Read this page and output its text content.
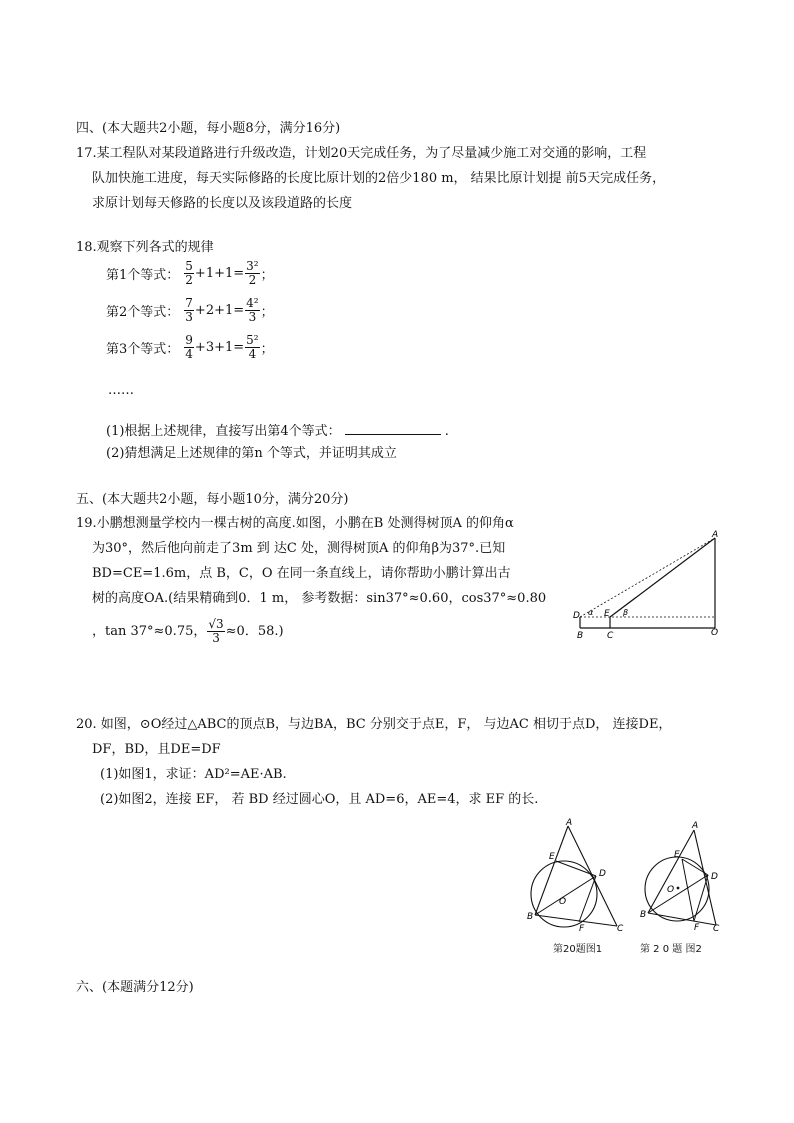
四、(本大题共2小题，每小题8分，满分16分)
17.某工程队对某段道路进行升级改造，计划20天完成任务，为了尽量减少施工对交通的影响，工程
队加快施工进度，每天实际修路的长度比原计划的2倍少180 m， 结果比原计划提 前5天完成任务，
求原计划每天修路的长度以及该段道路的长度
18.观察下列各式的规律
第1个等式： $\frac{5}{2} +1+1= \frac{\text{3²}}{2}$ ；
第2个等式： $\frac{7}{3} +2+1= \frac{\text{4²}}{3}$ ；
第3个等式： $\frac{9}{4} +3+1= \frac{\text{5²}}{4}$ ；
……
(1)根据上述规律，直接写出第4个等式：	.
(2)猜想满足上述规律的第n 个等式，并证明其成立
五、(本大题共2小题，每小题10分，满分20分)
19.小鹏想测量学校内一棵古树的高度.如图，小鹏在B 处测得树顶A 的仰角α
为30°，然后他向前走了3m 到 达C 处，测得树顶A 的仰角β为37°.已知
BD=CE=1.6m，点 B，C，O 在同一条直线上，请你帮助小鹏计算出古
树的高度OA.(结果精确到0．1 m， 参考数据：sin37°≈0.60，cos37°≈0.80
，tan 37°≈0.75， $\frac{√3}{3} \approx 0$．58.)
D α E β
B	C	O
A
20. 如图，⊙O经过△ABC的顶点B，与边BA，BC 分别交于点E，F， 与边AC 相切于点D， 连接DE，
DF，BD，且DE=DF
(1)如图1，求证：AD²=AE·AB.
(2)如图2，连接 EF， 若 BD 经过圆心O，且 AD=6，AE=4，求 EF 的长.
A
E
D
O
B
F	C
第20题图1
A
E
D
O
B
F C
第 2 0 题 图2
六、(本题满分12分)
